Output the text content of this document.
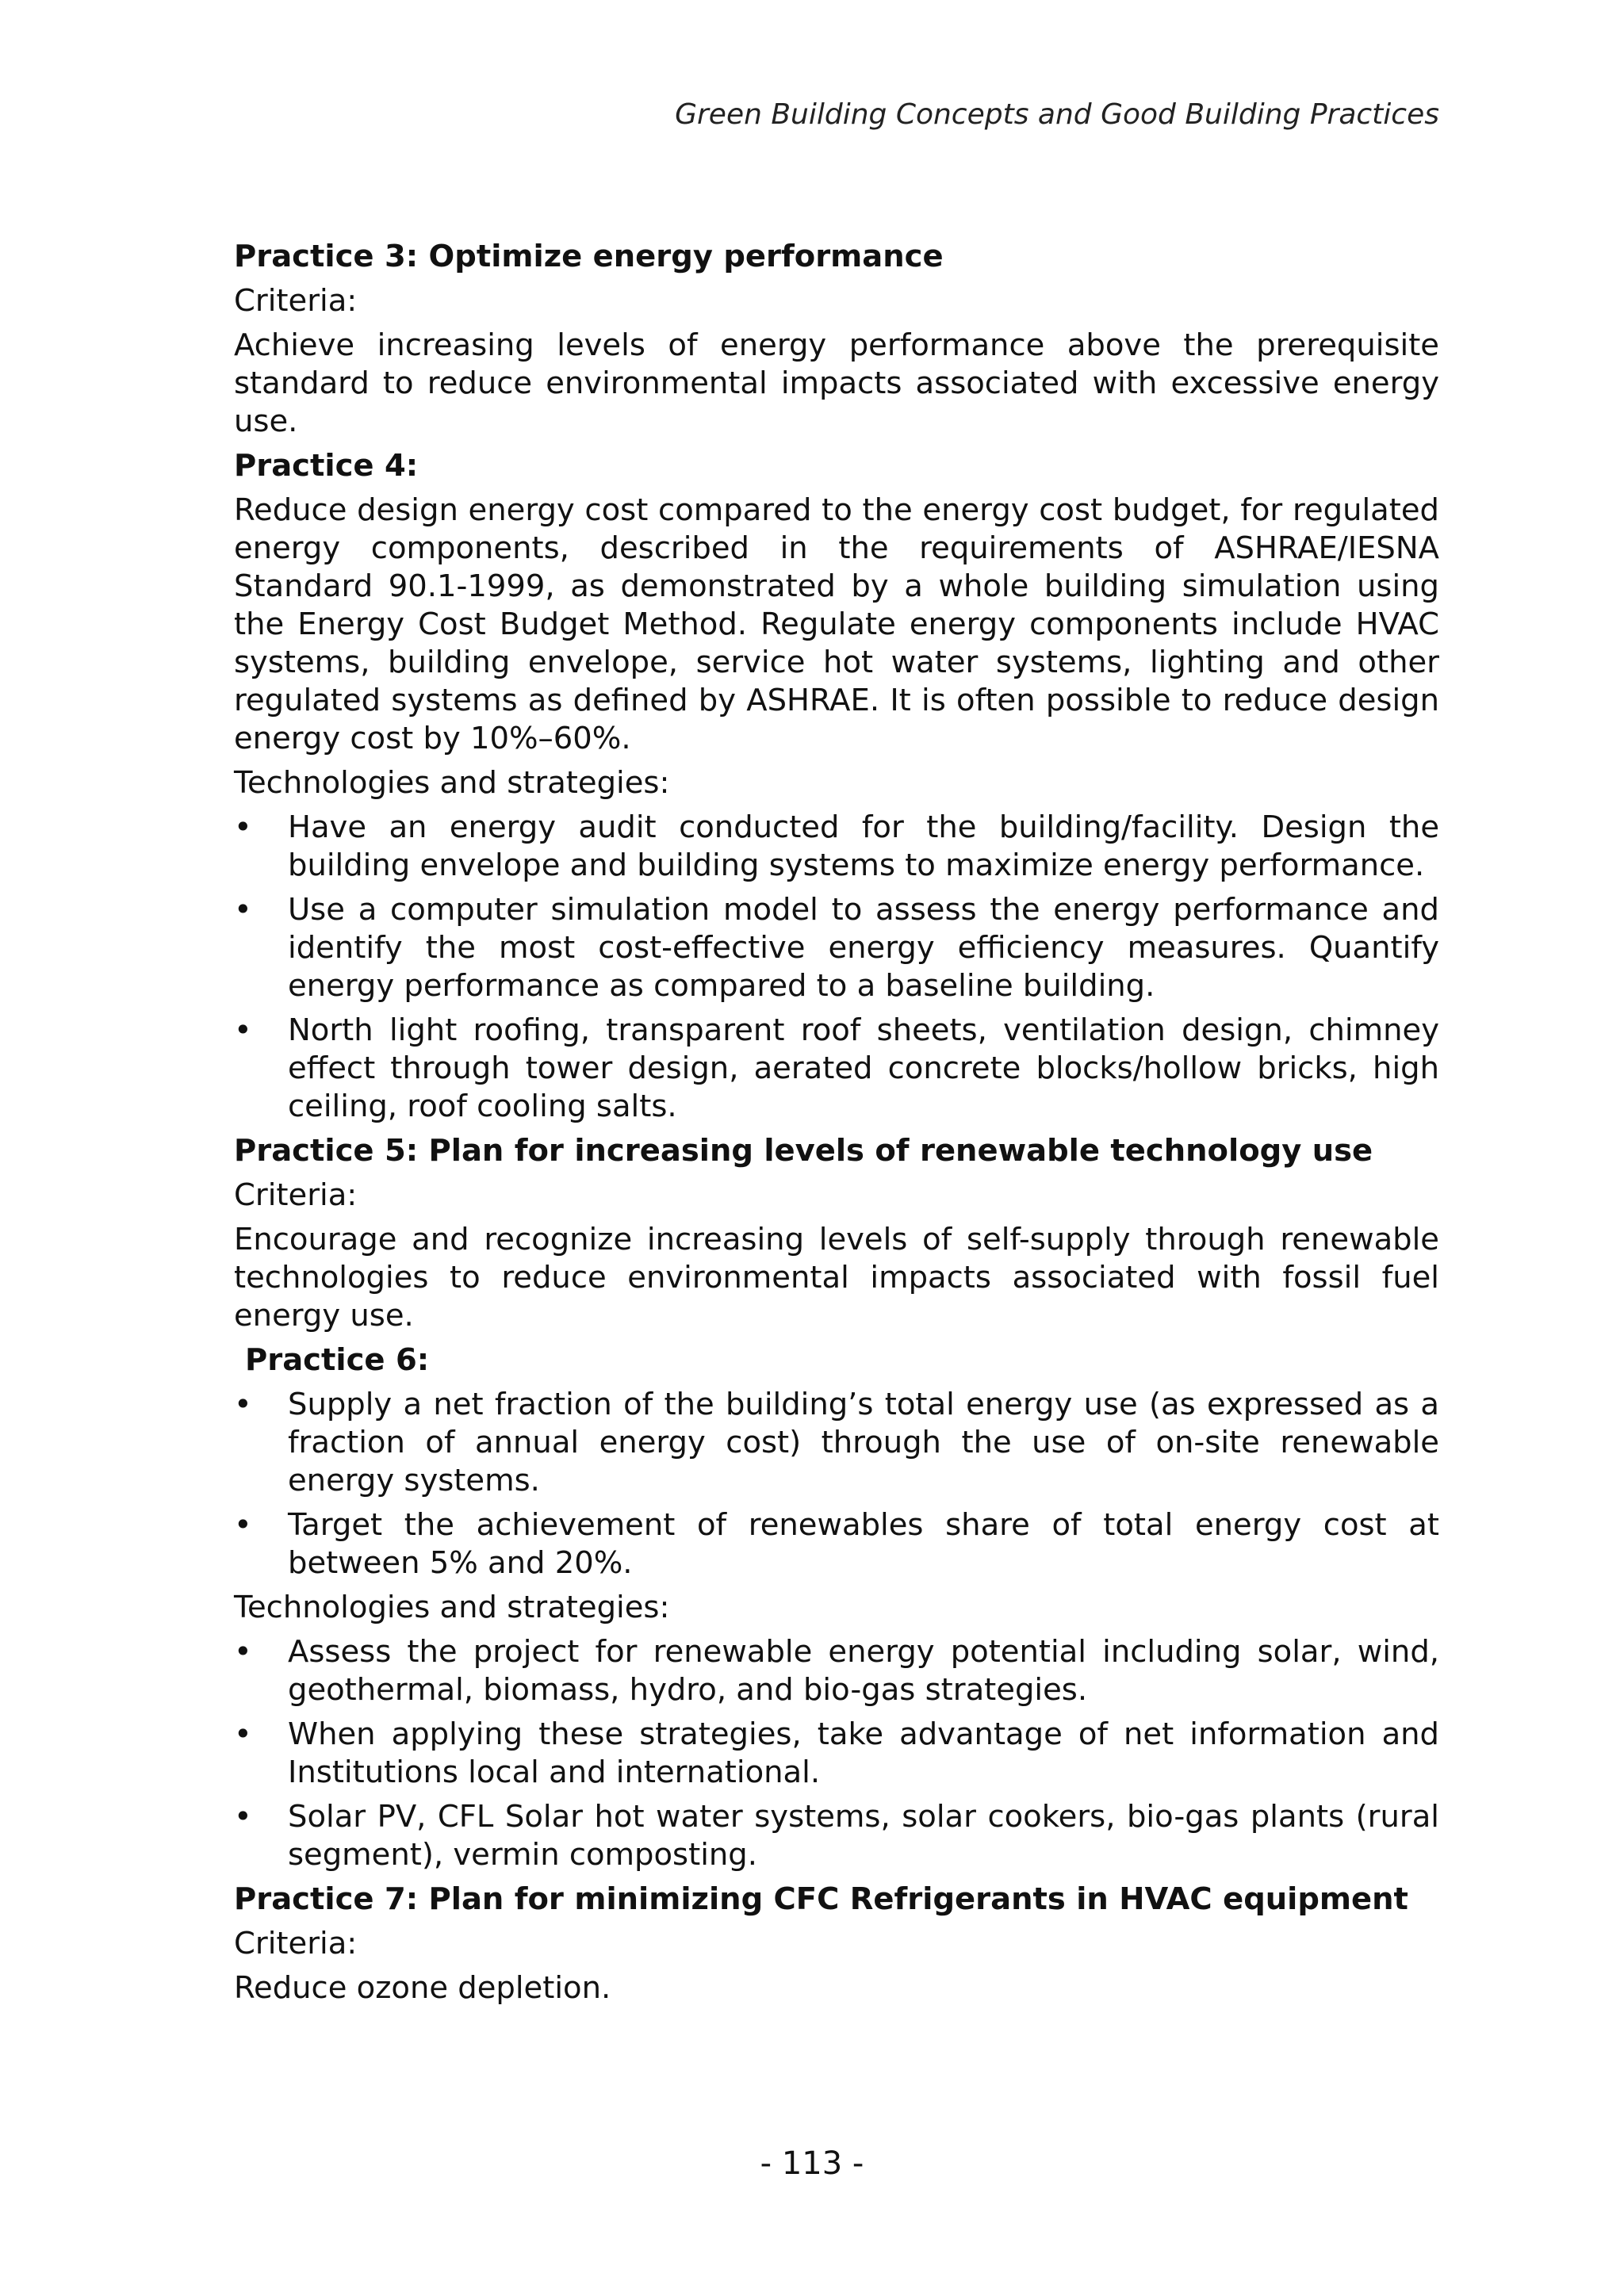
Green Building Concepts and Good Building Practices
Practice 3: Optimize energy performance
Criteria:
Achieve increasing levels of energy performance above the prerequisite standard to reduce environmental impacts associated with excessive energy use.
Practice 4:
Reduce design energy cost compared to the energy cost budget, for regulated energy components, described in the requirements of ASHRAE/IESNA Standard 90.1-1999, as demonstrated by a whole building simulation using the Energy Cost Budget Method. Regulate energy components include HVAC systems, building envelope, service hot water systems, lighting and other regulated systems as defined by ASHRAE. It is often possible to reduce design energy cost by 10%–60%.
Technologies and strategies:
• Have an energy audit conducted for the building/facility. Design the building envelope and building systems to maximize energy performance.
• Use a computer simulation model to assess the energy performance and identify the most cost-effective energy efficiency measures. Quantify energy performance as compared to a baseline building.
• North light roofing, transparent roof sheets, ventilation design, chimney effect through tower design, aerated concrete blocks/hollow bricks, high ceiling, roof cooling salts.
Practice 5: Plan for increasing levels of renewable technology use
Criteria:
Encourage and recognize increasing levels of self-supply through renewable technologies to reduce environmental impacts associated with fossil fuel energy use.
Practice 6:
• Supply a net fraction of the building’s total energy use (as expressed as a fraction of annual energy cost) through the use of on-site renewable energy systems.
• Target the achievement of renewables share of total energy cost at between 5% and 20%.
Technologies and strategies:
• Assess the project for renewable energy potential including solar, wind, geothermal, biomass, hydro, and bio-gas strategies.
• When applying these strategies, take advantage of net information and Institutions local and international.
• Solar PV, CFL Solar hot water systems, solar cookers, bio-gas plants (rural segment), vermin composting.
Practice 7: Plan for minimizing CFC Refrigerants in HVAC equipment
Criteria:
Reduce ozone depletion.
- 113 -
